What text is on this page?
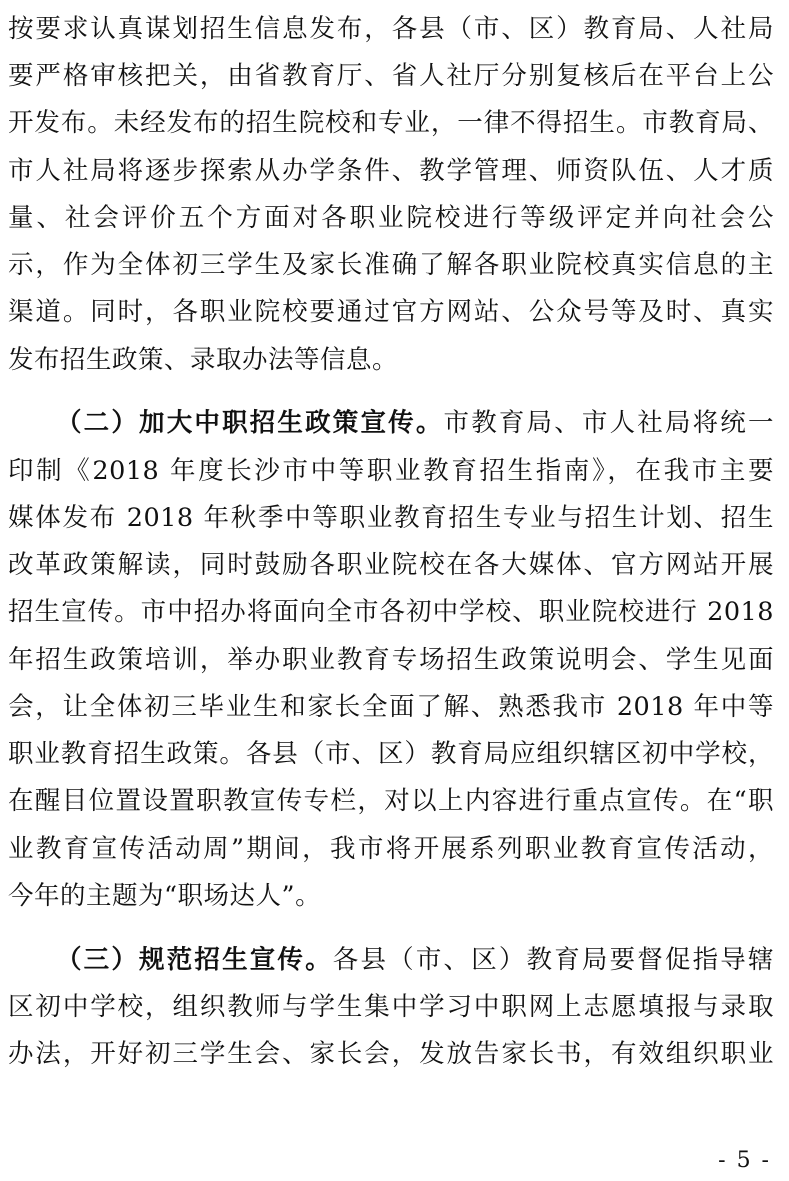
按要求认真谋划招生信息发布，各县（市、区）教育局、人社局
要严格审核把关，由省教育厅、省人社厅分别复核后在平台上公
开发布。未经发布的招生院校和专业，一律不得招生。市教育局、
市人社局将逐步探索从办学条件、教学管理、师资队伍、人才质
量、社会评价五个方面对各职业院校进行等级评定并向社会公
示，作为全体初三学生及家长准确了解各职业院校真实信息的主
渠道。同时，各职业院校要通过官方网站、公众号等及时、真实
发布招生政策、录取办法等信息。
（二）加大中职招生政策宣传。市教育局、市人社局将统一
印制《2018 年度长沙市中等职业教育招生指南》，在我市主要
媒体发布 2018 年秋季中等职业教育招生专业与招生计划、招生
改革政策解读，同时鼓励各职业院校在各大媒体、官方网站开展
招生宣传。市中招办将面向全市各初中学校、职业院校进行 2018
年招生政策培训，举办职业教育专场招生政策说明会、学生见面
会，让全体初三毕业生和家长全面了解、熟悉我市 2018 年中等
职业教育招生政策。各县（市、区）教育局应组织辖区初中学校，
在醒目位置设置职教宣传专栏，对以上内容进行重点宣传。在“职
业教育宣传活动周”期间，我市将开展系列职业教育宣传活动，
今年的主题为“职场达人”。
（三）规范招生宣传。各县（市、区）教育局要督促指导辖
区初中学校，组织教师与学生集中学习中职网上志愿填报与录取
办法，开好初三学生会、家长会，发放告家长书，有效组织职业
- 5 -
